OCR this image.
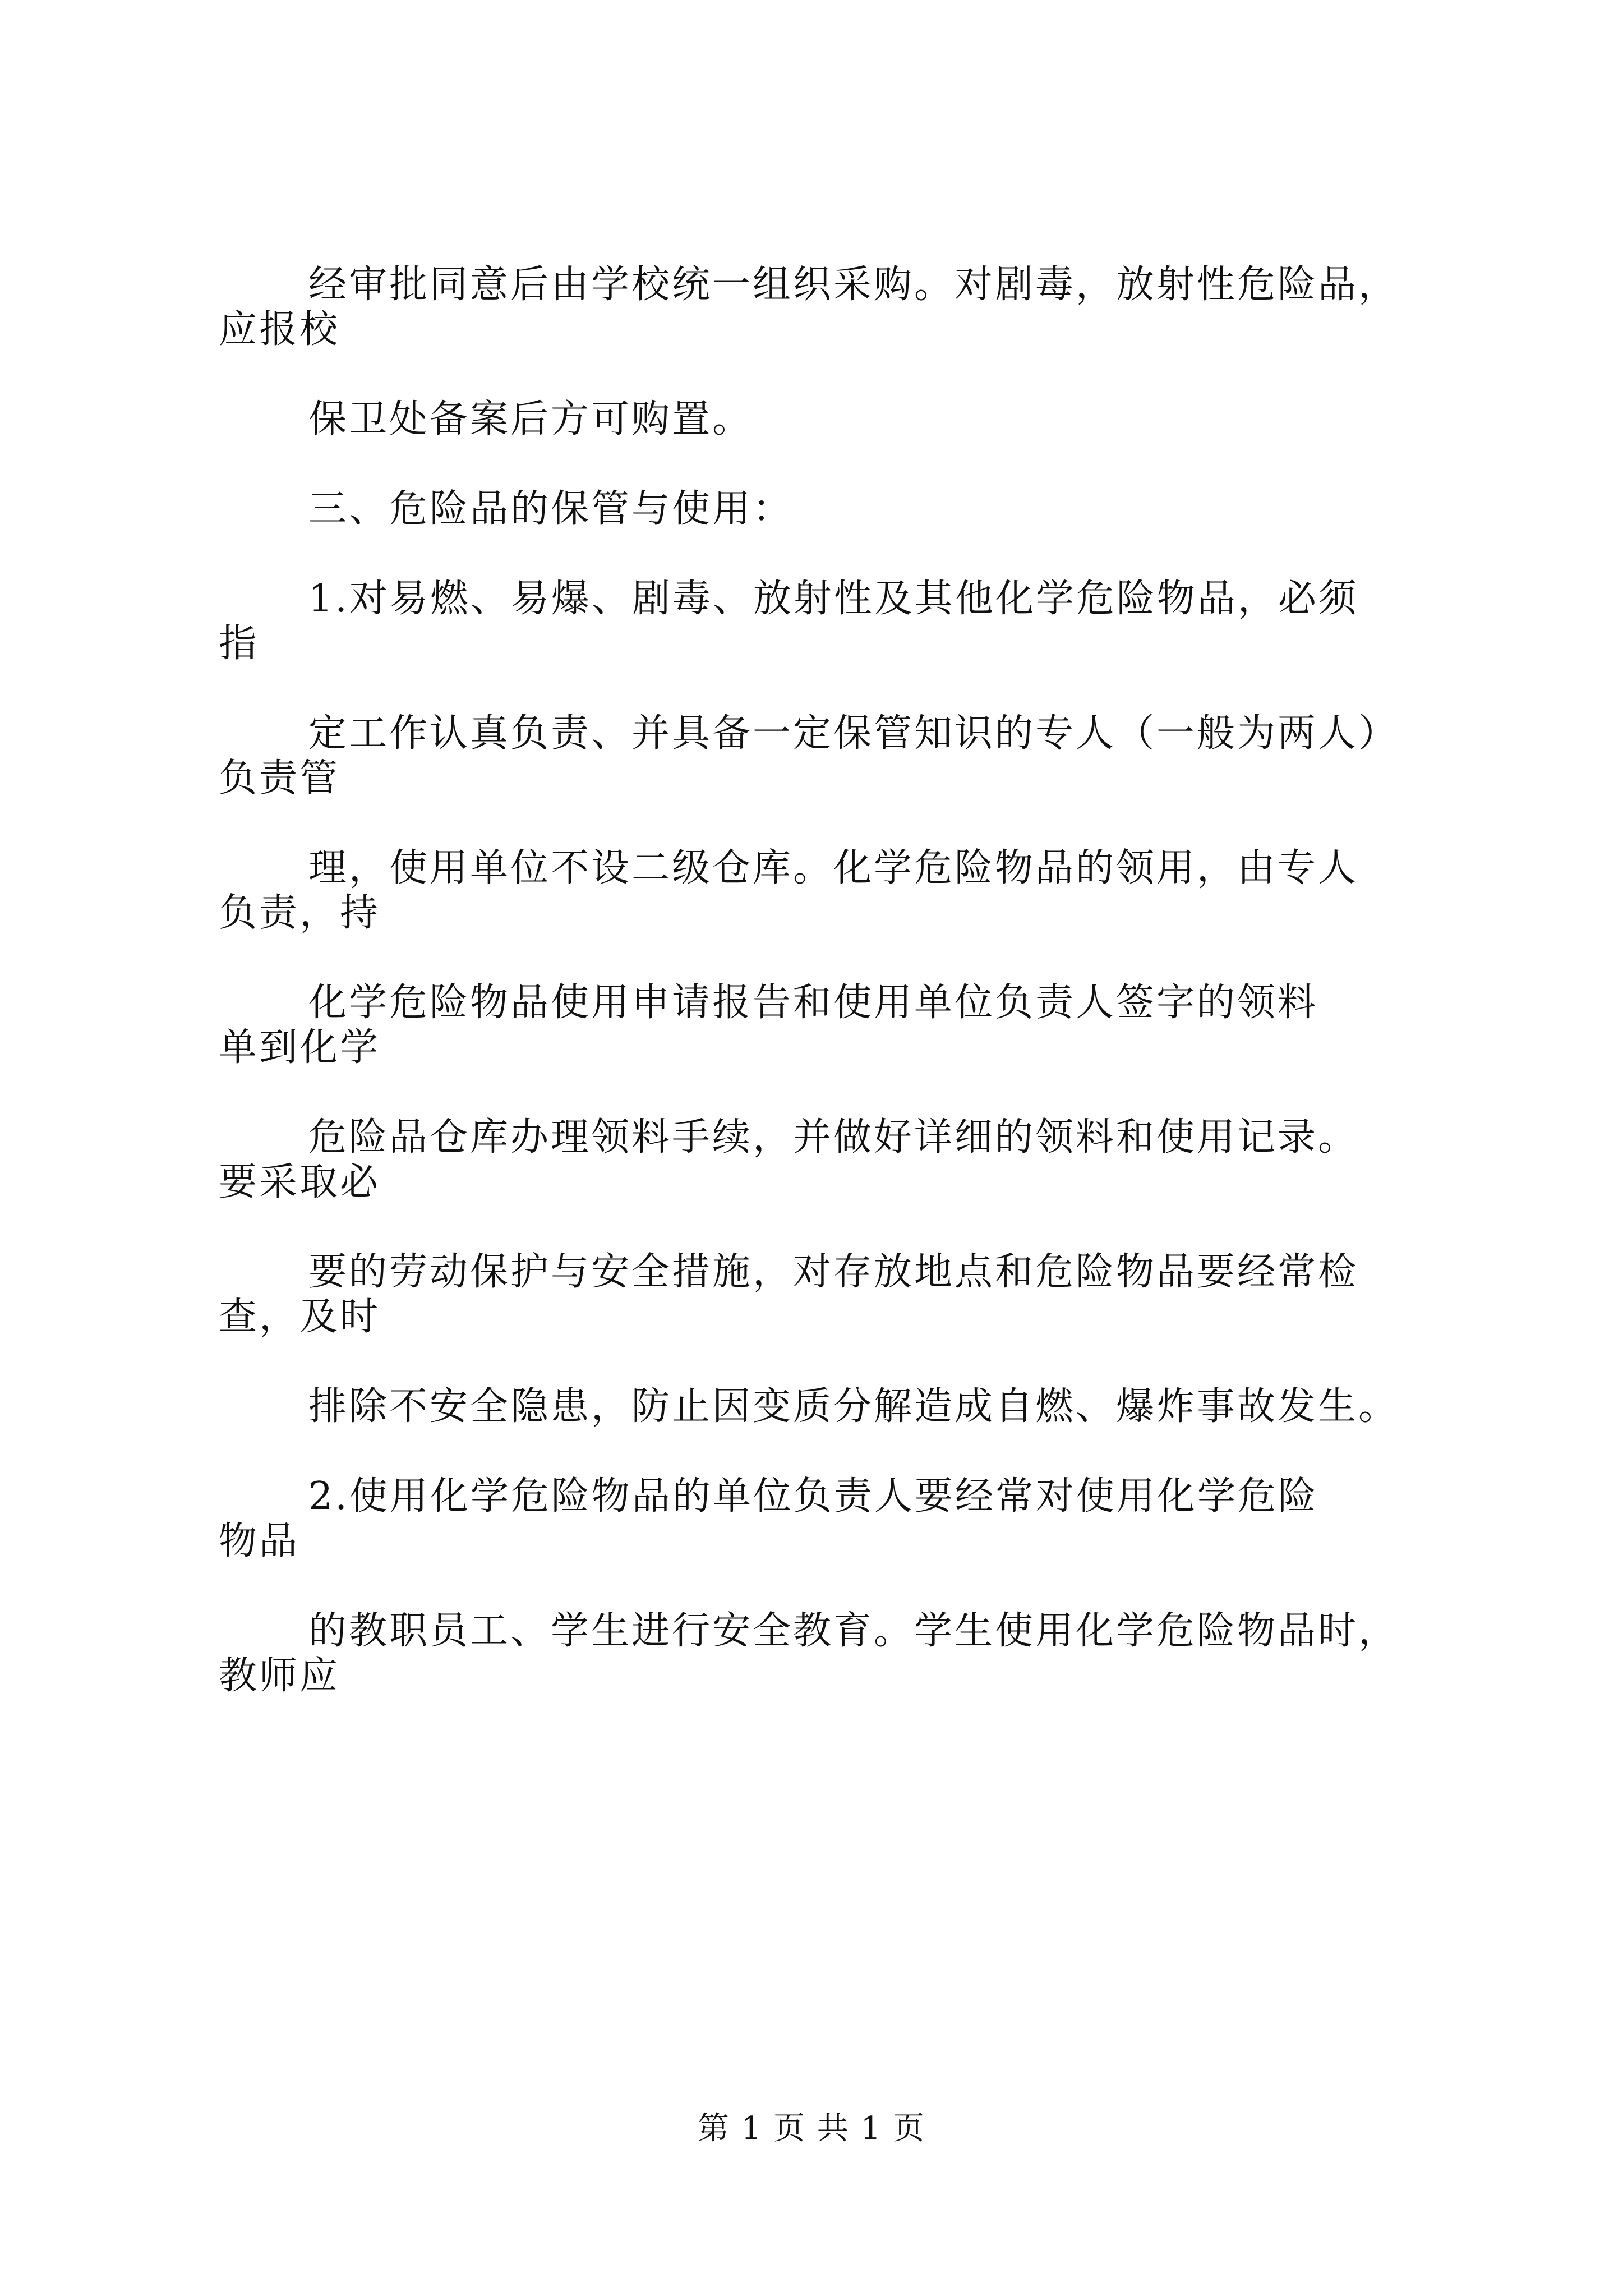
经审批同意后由学校统一组织采购。对剧毒，放射性危险品，

应报校

保卫处备案后方可购置。

三、危险品的保管与使用：

1.对易燃、易爆、剧毒、放射性及其他化学危险物品，必须

指

定工作认真负责、并具备一定保管知识的专人（一般为两人）

负责管

理，使用单位不设二级仓库。化学危险物品的领用，由专人

负责，持

化学危险物品使用申请报告和使用单位负责人签字的领料

单到化学

危险品仓库办理领料手续，并做好详细的领料和使用记录。

要采取必

要的劳动保护与安全措施，对存放地点和危险物品要经常检

查，及时

排除不安全隐患，防止因变质分解造成自燃、爆炸事故发生。

2.使用化学危险物品的单位负责人要经常对使用化学危险

物品

的教职员工、学生进行安全教育。学生使用化学危险物品时，

教师应

第 1 页 共 1 页
